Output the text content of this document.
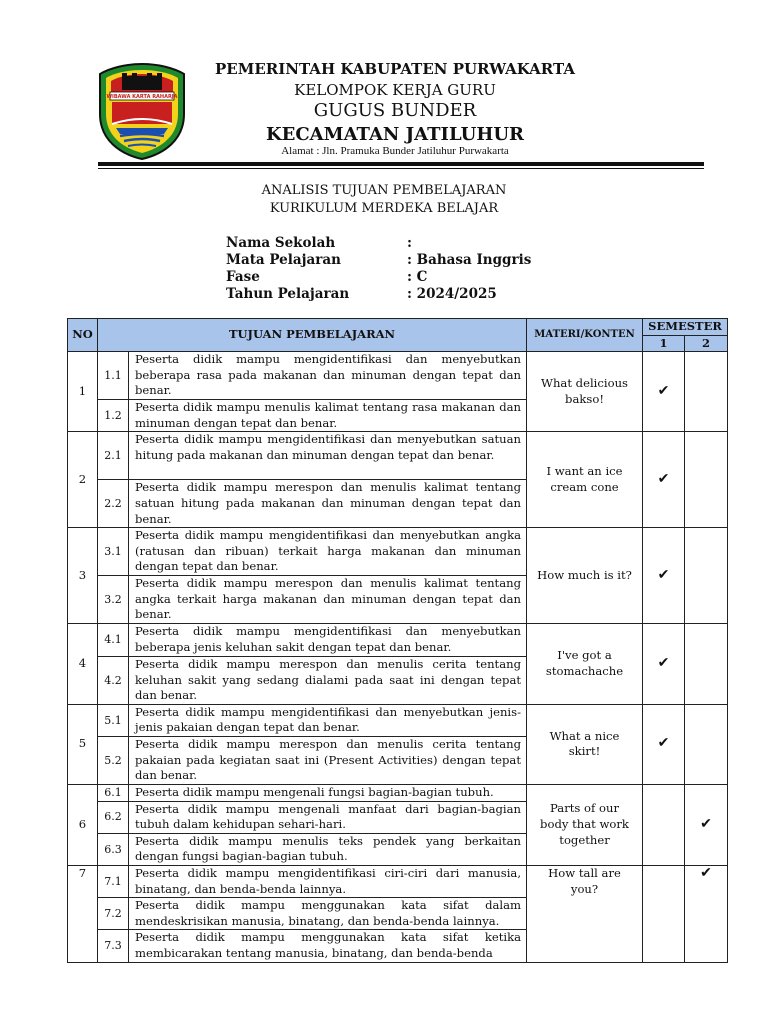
WIBAWA KARTA RAHARJA
PEMERINTAH KABUPATEN PURWAKARTA
KELOMPOK KERJA GURU
GUGUS BUNDER
KECAMATAN JATILUHUR
Alamat : Jln. Pramuka Bunder Jatiluhur Purwakarta
ANALISIS TUJUAN PEMBELAJARAN
KURIKULUM MERDEKA BELAJAR
Nama Sekolah	:
Mata Pelajaran	: Bahasa Inggris
Fase	: C
Tahun Pelajaran	: 2024/2025
NO	TUJUAN PEMBELAJARAN		MATERI/KONTEN	SEMESTER	
				1	2
1	1.1	Peserta didik mampu mengidentifikasi dan menyebutkan beberapa rasa pada makanan dan minuman dengan tepat dan benar.	What delicious bakso!	✔	
	1.2	Peserta didik mampu menulis kalimat tentang rasa makanan dan minuman dengan tepat dan benar.			
2	2.1	Peserta didik mampu mengidentifikasi dan menyebutkan satuan hitung pada makanan dan minuman dengan tepat dan benar.	I want an ice cream cone	✔	
	2.2	Peserta didik mampu merespon dan menulis kalimat tentang satuan hitung pada makanan dan minuman dengan tepat dan benar.			
3	3.1	Peserta didik mampu mengidentifikasi dan menyebutkan angka (ratusan dan ribuan) terkait harga makanan dan minuman dengan tepat dan benar.	How much is it?	✔	
	3.2	Peserta didik mampu merespon dan menulis kalimat tentang angka terkait harga makanan dan minuman dengan tepat dan benar.			
4	4.1	Peserta didik mampu mengidentifikasi dan menyebutkan beberapa jenis keluhan sakit dengan tepat dan benar.	I've got a stomachache	✔	
	4.2	Peserta didik mampu merespon dan menulis cerita tentang keluhan sakit yang sedang dialami pada saat ini dengan tepat dan benar.			
5	5.1	Peserta didik mampu mengidentifikasi dan menyebutkan jenis-jenis pakaian dengan tepat dan benar.	What a nice skirt!	✔	
	5.2	Peserta didik mampu merespon dan menulis cerita tentang pakaian pada kegiatan saat ini (Present Activities) dengan tepat dan benar.			
6	6.1	Peserta didik mampu mengenali fungsi bagian-bagian tubuh.	Parts of our body that work together		✔
	6.2	Peserta didik mampu mengenali manfaat dari bagian-bagian tubuh dalam kehidupan sehari-hari.			
	6.3	Peserta didik mampu menulis teks pendek yang berkaitan dengan fungsi bagian-bagian tubuh.			
7	7.1	Peserta didik mampu mengidentifikasi ciri-ciri dari manusia, binatang, dan benda-benda lainnya.	How tall are you?		✔
	7.2	Peserta didik mampu menggunakan kata sifat dalam mendeskrisikan manusia, binatang, dan benda-benda lainnya.			
	7.3	Peserta didik mampu menggunakan kata sifat ketika membicarakan tentang manusia, binatang, dan benda-benda			
